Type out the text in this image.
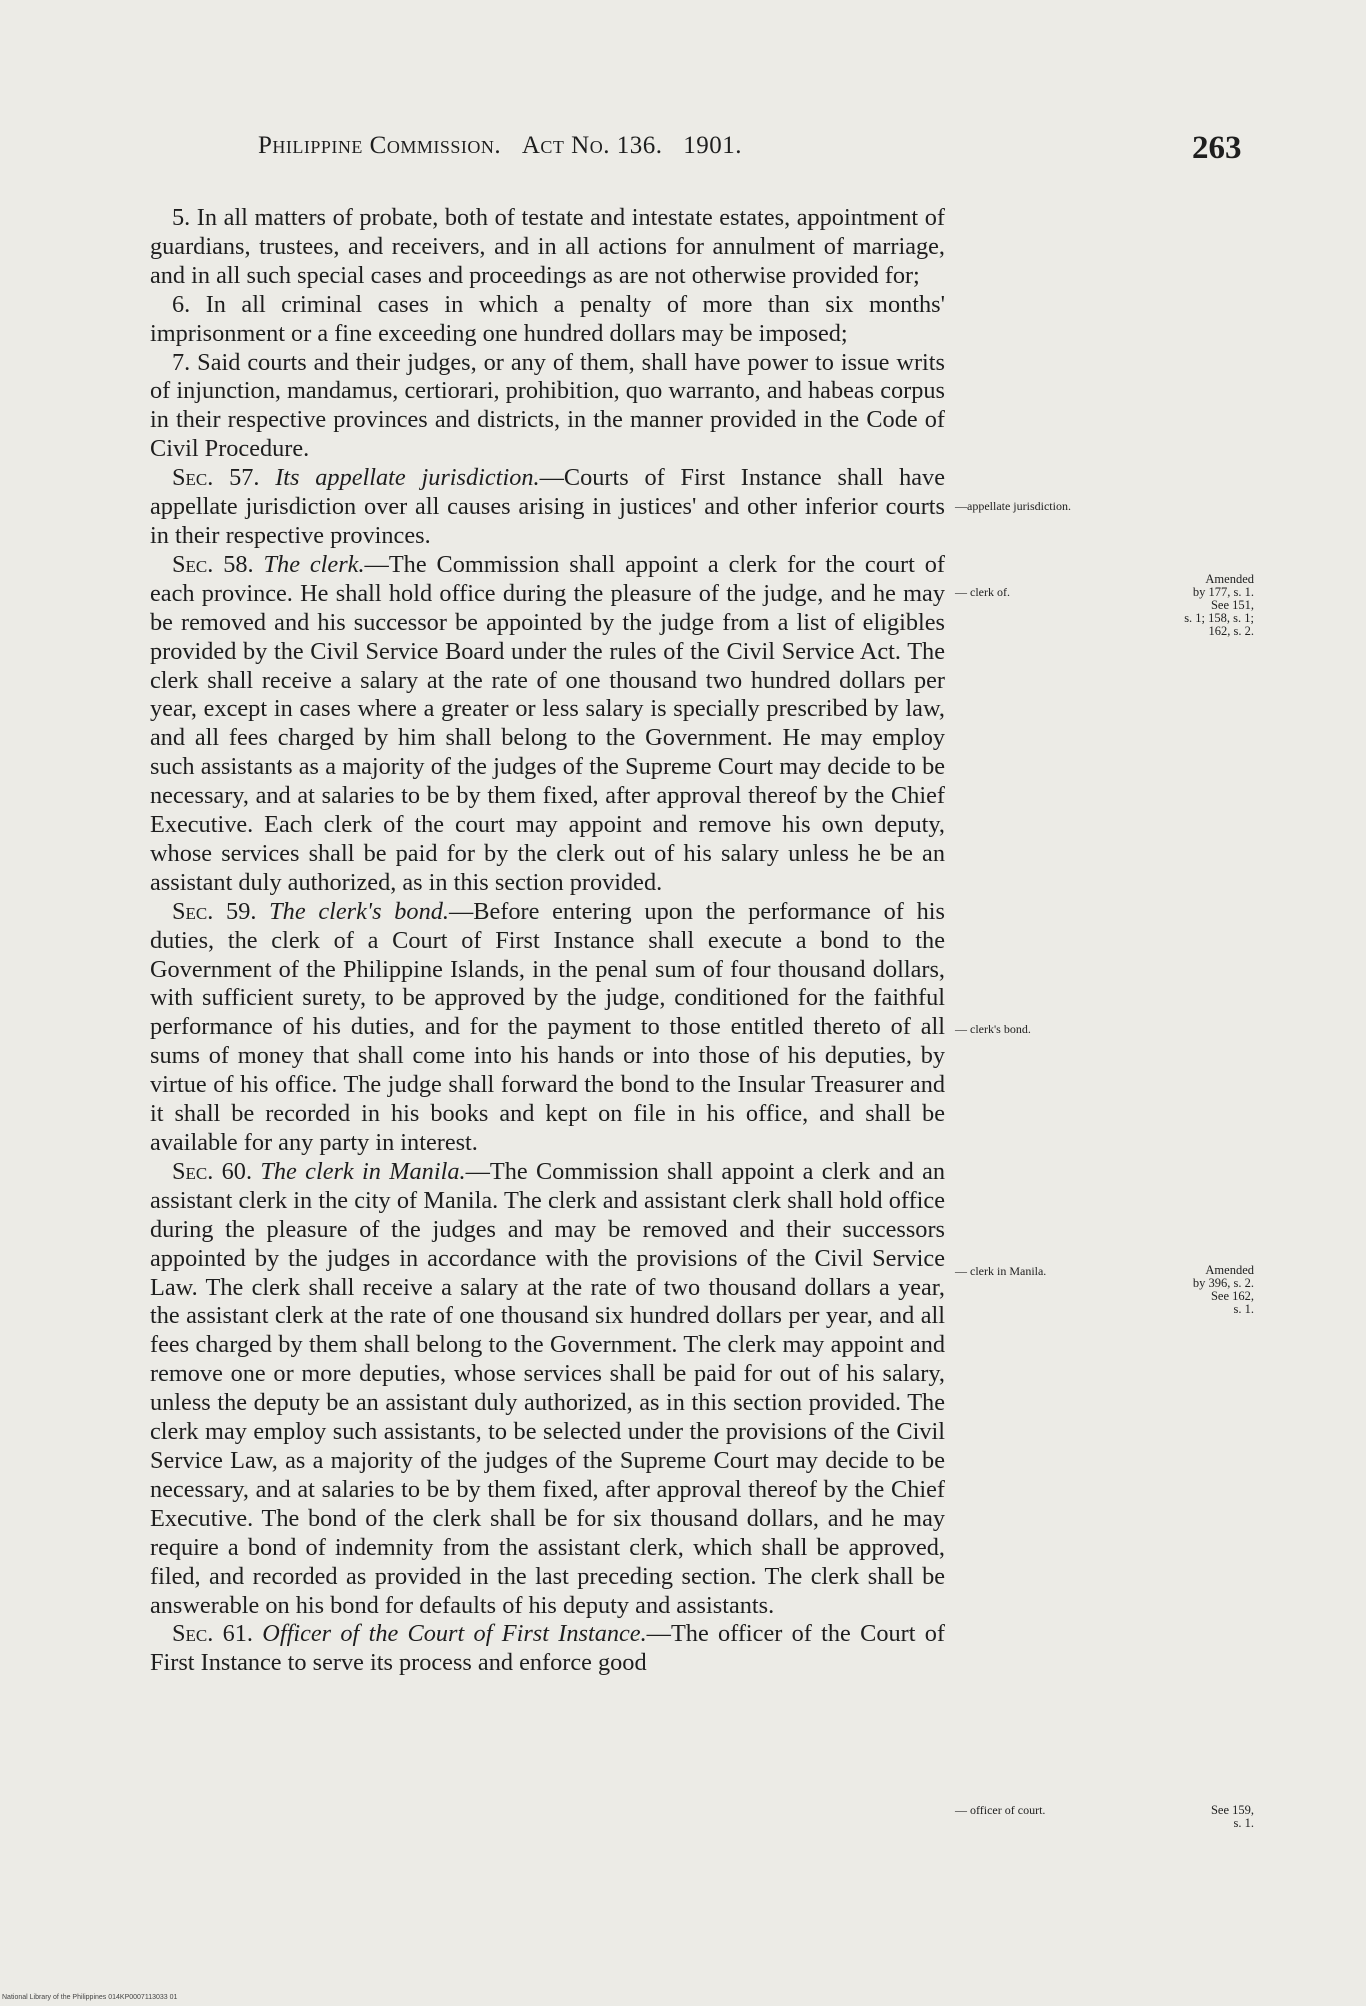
Philippine Commission. Act No. 136. 1901.	263

5. In all matters of probate, both of testate and intestate estates, appointment of guardians, trustees, and receivers, and in all actions for annulment of marriage, and in all such special cases and proceedings as are not otherwise provided for;

6. In all criminal cases in which a penalty of more than six months' imprisonment or a fine exceeding one hundred dollars may be imposed;

7. Said courts and their judges, or any of them, shall have power to issue writs of injunction, mandamus, certiorari, prohibition, quo warranto, and habeas corpus in their respective provinces and districts, in the manner provided in the Code of Civil Procedure.

Sec. 57. Its appellate jurisdiction.—Courts of First Instance shall have appellate jurisdiction over all causes arising in justices' and other inferior courts in their respective provinces.

Sec. 58. The clerk.—The Commission shall appoint a clerk for the court of each province. He shall hold office during the pleasure of the judge, and he may be removed and his successor be appointed by the judge from a list of eligibles provided by the Civil Service Board under the rules of the Civil Service Act. The clerk shall receive a salary at the rate of one thousand two hundred dollars per year, except in cases where a greater or less salary is specially prescribed by law, and all fees charged by him shall belong to the Government. He may employ such assistants as a majority of the judges of the Supreme Court may decide to be necessary, and at salaries to be by them fixed, after approval thereof by the Chief Executive. Each clerk of the court may appoint and remove his own deputy, whose services shall be paid for by the clerk out of his salary unless he be an assistant duly authorized, as in this section provided.

Sec. 59. The clerk's bond.—Before entering upon the performance of his duties, the clerk of a Court of First Instance shall execute a bond to the Government of the Philippine Islands, in the penal sum of four thousand dollars, with sufficient surety, to be approved by the judge, conditioned for the faithful performance of his duties, and for the payment to those entitled thereto of all sums of money that shall come into his hands or into those of his deputies, by virtue of his office. The judge shall forward the bond to the Insular Treasurer and it shall be recorded in his books and kept on file in his office, and shall be available for any party in interest.

Sec. 60. The clerk in Manila.—The Commission shall appoint a clerk and an assistant clerk in the city of Manila. The clerk and assistant clerk shall hold office during the pleasure of the judges and may be removed and their successors appointed by the judges in accordance with the provisions of the Civil Service Law. The clerk shall receive a salary at the rate of two thousand dollars a year, the assistant clerk at the rate of one thousand six hundred dollars per year, and all fees charged by them shall belong to the Government. The clerk may appoint and remove one or more deputies, whose services shall be paid for out of his salary, unless the deputy be an assistant duly authorized, as in this section provided. The clerk may employ such assistants, to be selected under the provisions of the Civil Service Law, as a majority of the judges of the Supreme Court may decide to be necessary, and at salaries to be by them fixed, after approval thereof by the Chief Executive. The bond of the clerk shall be for six thousand dollars, and he may require a bond of indemnity from the assistant clerk, which shall be approved, filed, and recorded as provided in the last preceding section. The clerk shall be answerable on his bond for defaults of his deputy and assistants.

Sec. 61. Officer of the Court of First Instance.—The officer of the Court of First Instance to serve its process and enforce good

—appellate jurisdiction.
— clerk of.
— clerk's bond.
— clerk in Manila.
— officer of court.
Amended
by 177, s. 1.
See 151,
s. 1; 158, s. 1;
162, s. 2.
Amended
by 396, s. 2.
See 162,
s. 1.
See 159,
s. 1.
National Library of the Philippines 014KP0007113033 01
